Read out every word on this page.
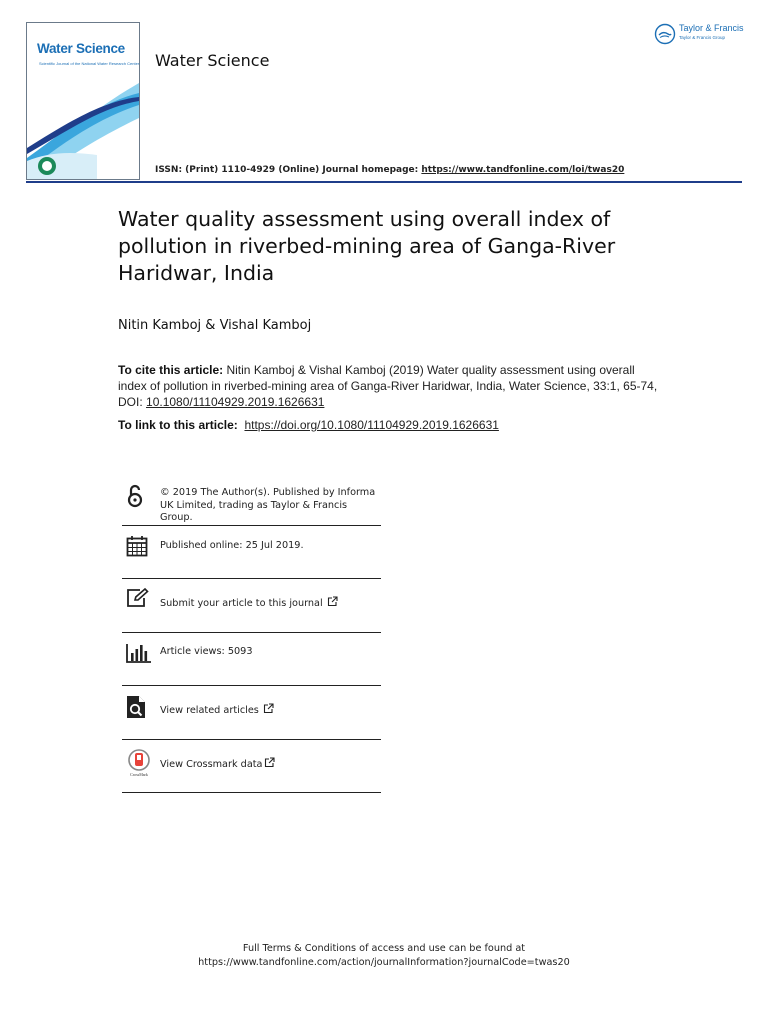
Water Science
Scientific Journal of the National Water Research Center Water Science
ISSN: (Print) 1110-4929 (Online) Journal homepage: https://www.tandfonline.com/loi/twas20
Taylor & Francis
Taylor & Francis Group
Water quality assessment using overall index of pollution in riverbed-mining area of Ganga-River Haridwar, India
Nitin Kamboj & Vishal Kamboj
To cite this article: Nitin Kamboj & Vishal Kamboj (2019) Water quality assessment using overall index of pollution in riverbed-mining area of Ganga-River Haridwar, India, Water Science, 33:1, 65-74, DOI: 10.1080/11104929.2019.1626631
To link to this article: https://doi.org/10.1080/11104929.2019.1626631
© 2019 The Author(s). Published by Informa UK Limited, trading as Taylor & Francis Group.
Published online: 25 Jul 2019.
Submit your article to this journal
Article views: 5093
View related articles
CrossMark
View Crossmark data
Full Terms & Conditions of access and use can be found at
https://www.tandfonline.com/action/journalInformation?journalCode=twas20
